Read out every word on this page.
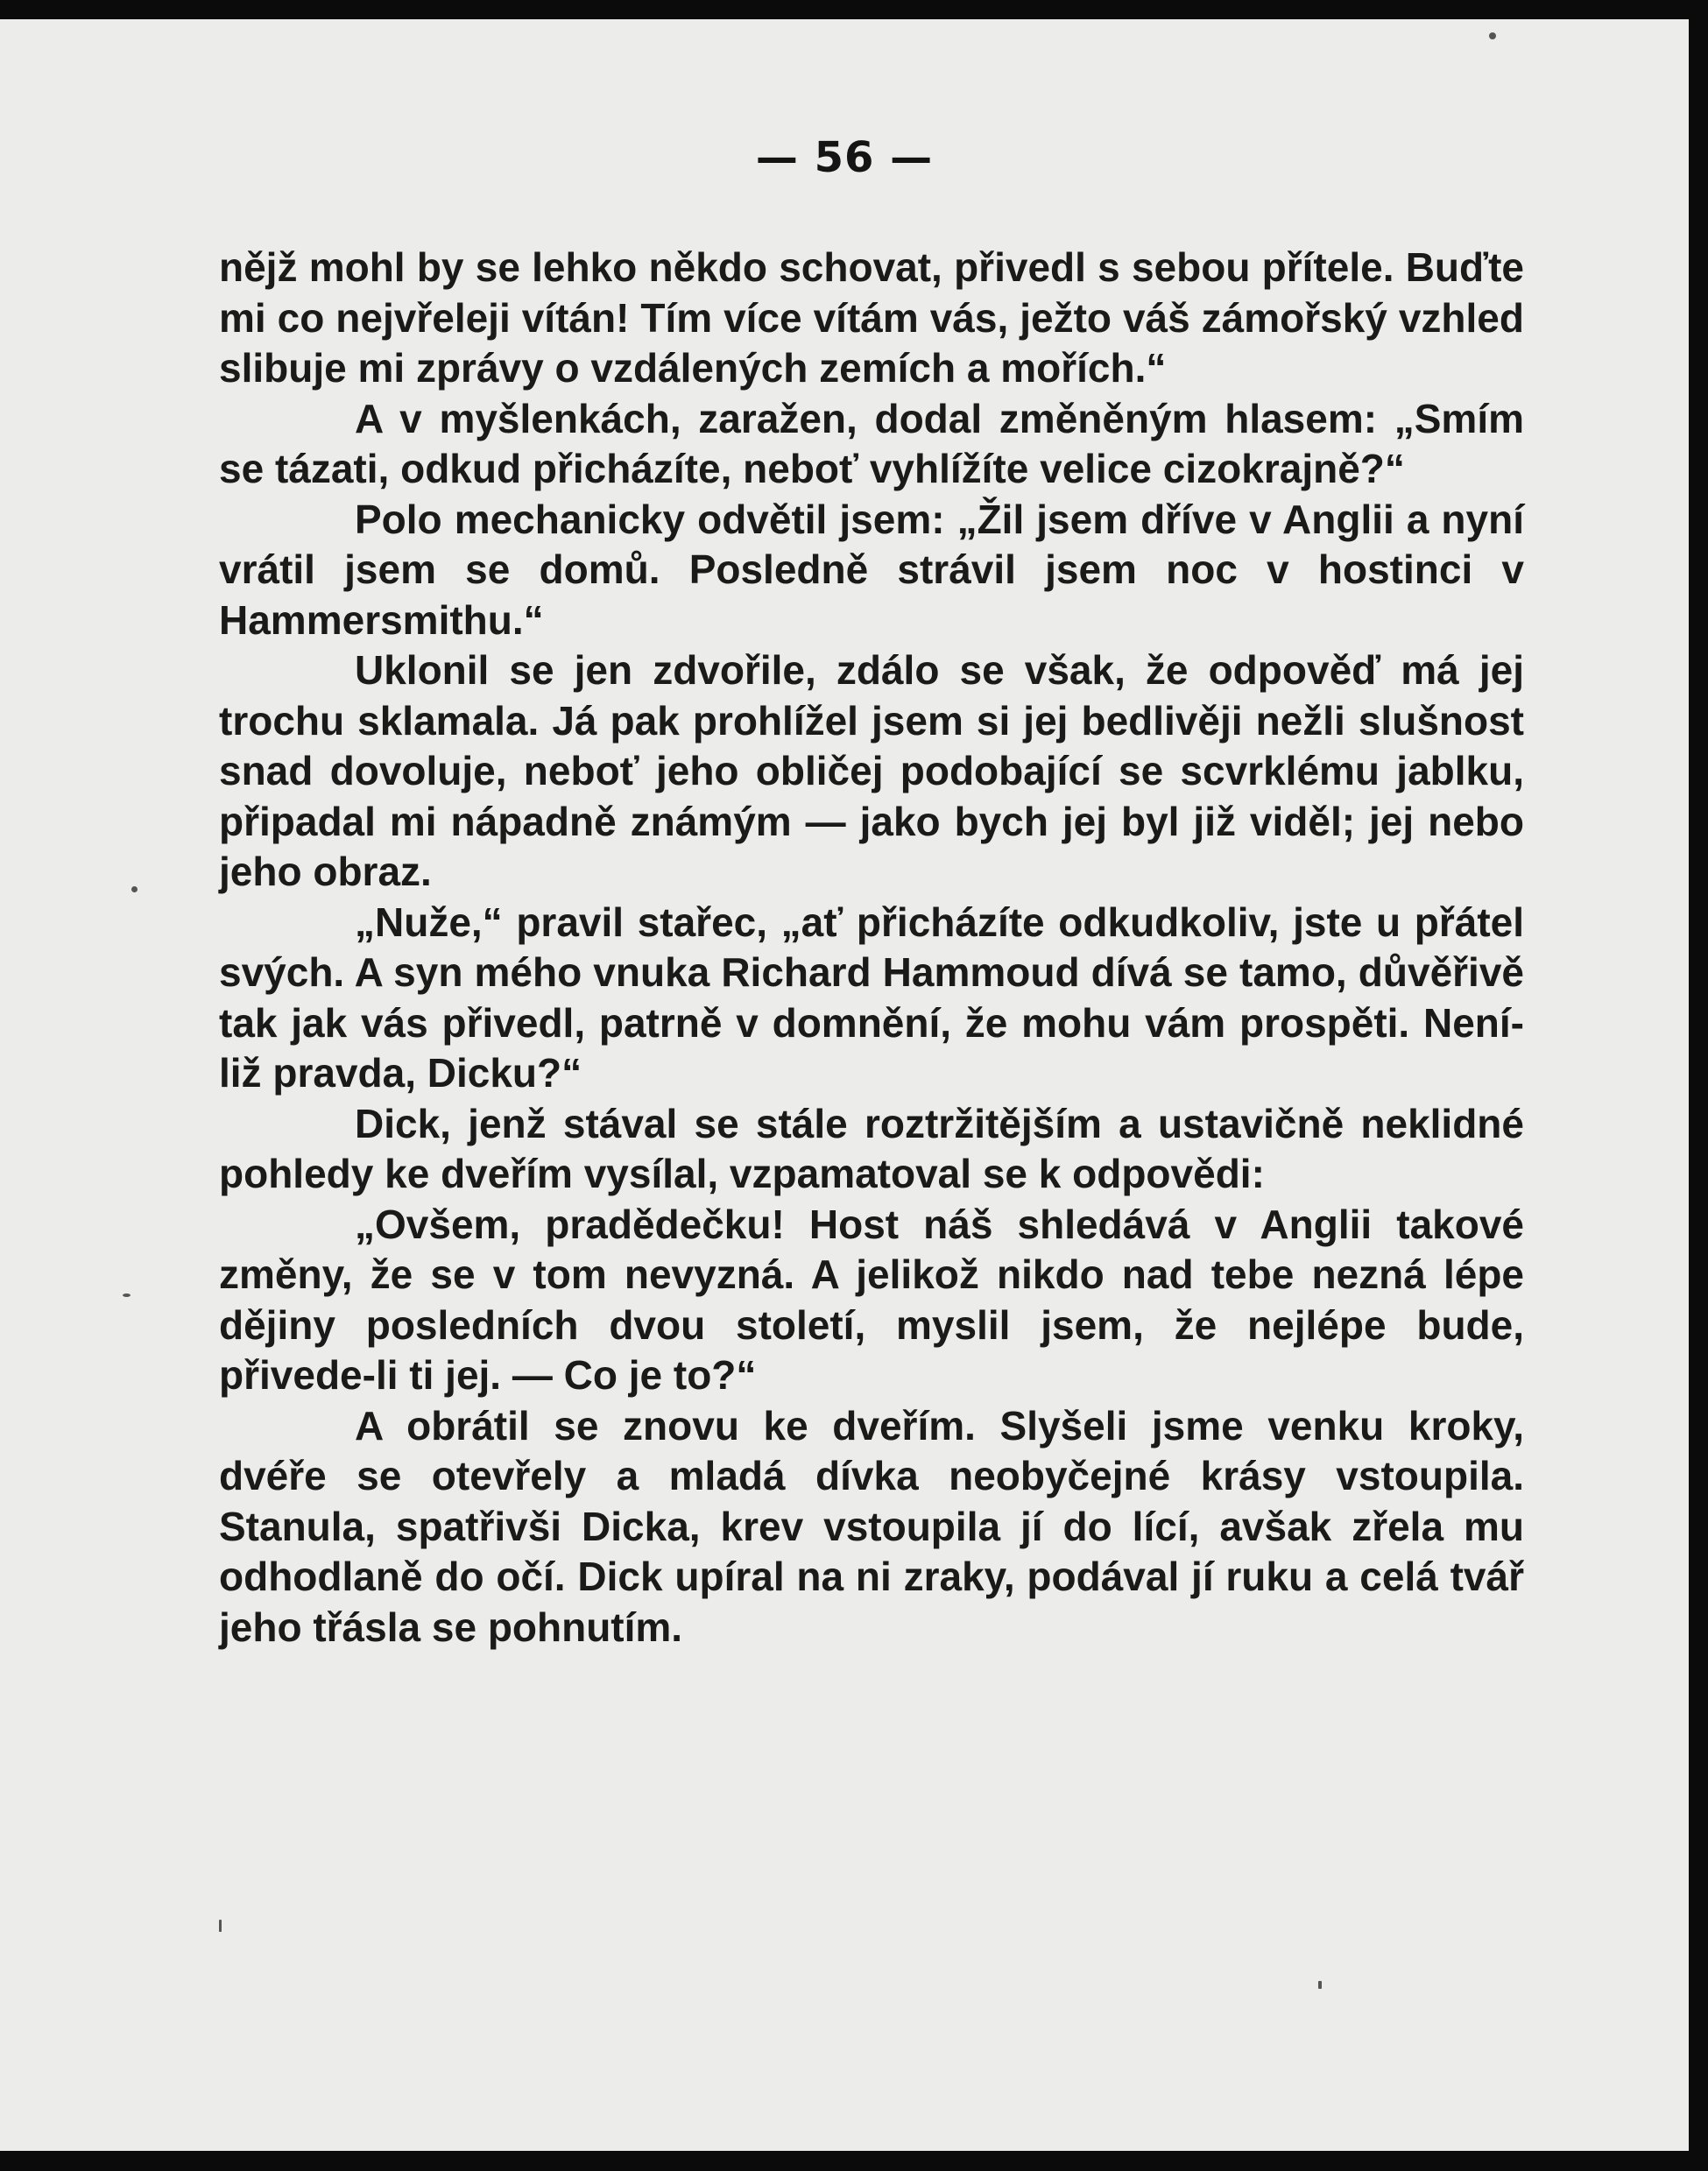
— 56 —

nějž mohl by se lehko někdo schovat, přivedl s sebou přítele. Buďte mi co nejvřeleji vítán! Tím více vítám vás, ježto váš zámořský vzhled slibuje mi zprávy o vzdálených zemích a mořích.“

A v myšlenkách, zaražen, dodal změněným hlasem: „Smím se tázati, odkud přicházíte, neboť vyhlížíte velice cizokrajně?“

Polo mechanicky odvětil jsem: „Žil jsem dříve v Anglii a nyní vrátil jsem se domů. Posledně strávil jsem noc v hostinci v Hammersmithu.“

Uklonil se jen zdvořile, zdálo se však, že odpověď má jej trochu sklamala. Já pak prohlížel jsem si jej bedlivěji nežli slušnost snad dovoluje, neboť jeho obličej podobající se scvrklému jablku, připadal mi nápadně známým — jako bych jej byl již viděl; jej nebo jeho obraz.

„Nuže,“ pravil stařec, „ať přicházíte odkudkoliv, jste u přátel svých. A syn mého vnuka Richard Hammoud dívá se tamo, důvěřivě tak jak vás přivedl, patrně v domnění, že mohu vám prospěti. Není-liž pravda, Dicku?“

Dick, jenž stával se stále roztržitějším a ustavičně neklidné pohledy ke dveřím vysílal, vzpamatoval se k odpovědi:

„Ovšem, pradědečku! Host náš shledává v Anglii takové změny, že se v tom nevyzná. A jelikož nikdo nad tebe nezná lépe dějiny posledních dvou století, myslil jsem, že nejlépe bude, přivede-li ti jej. — Co je to?“

A obrátil se znovu ke dveřím. Slyšeli jsme venku kroky, dvéře se otevřely a mladá dívka neobyčejné krásy vstoupila. Stanula, spatřivši Dicka, krev vstoupila jí do lící, avšak zřela mu odhodlaně do očí. Dick upíral na ni zraky, podával jí ruku a celá tvář jeho třásla se pohnutím.
